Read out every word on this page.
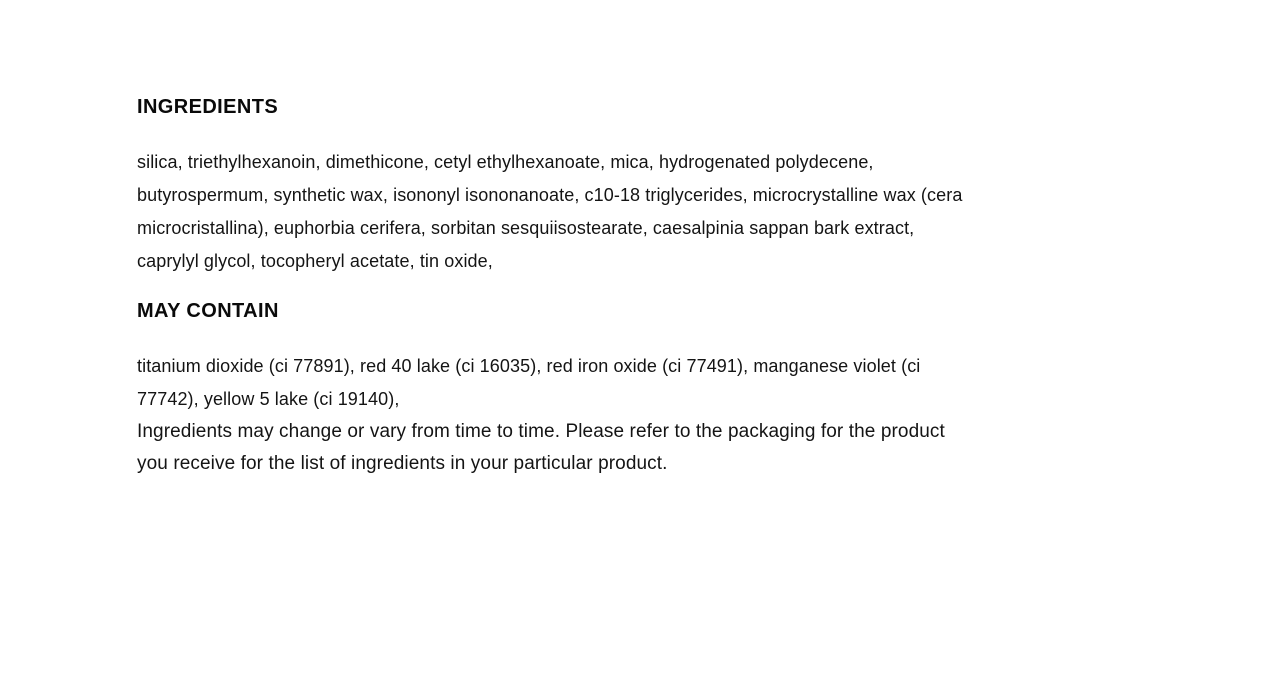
INGREDIENTS

silica, triethylhexanoin, dimethicone, cetyl ethylhexanoate, mica, hydrogenated polydecene, butyrospermum, synthetic wax, isononyl isononanoate, c10-18 triglycerides, microcrystalline wax (cera microcristallina), euphorbia cerifera, sorbitan sesquiisostearate, caesalpinia sappan bark extract, caprylyl glycol, tocopheryl acetate, tin oxide,

MAY CONTAIN

titanium dioxide (ci 77891), red 40 lake (ci 16035), red iron oxide (ci 77491), manganese violet (ci 77742), yellow 5 lake (ci 19140),

Ingredients may change or vary from time to time. Please refer to the packaging for the product you receive for the list of ingredients in your particular product.
